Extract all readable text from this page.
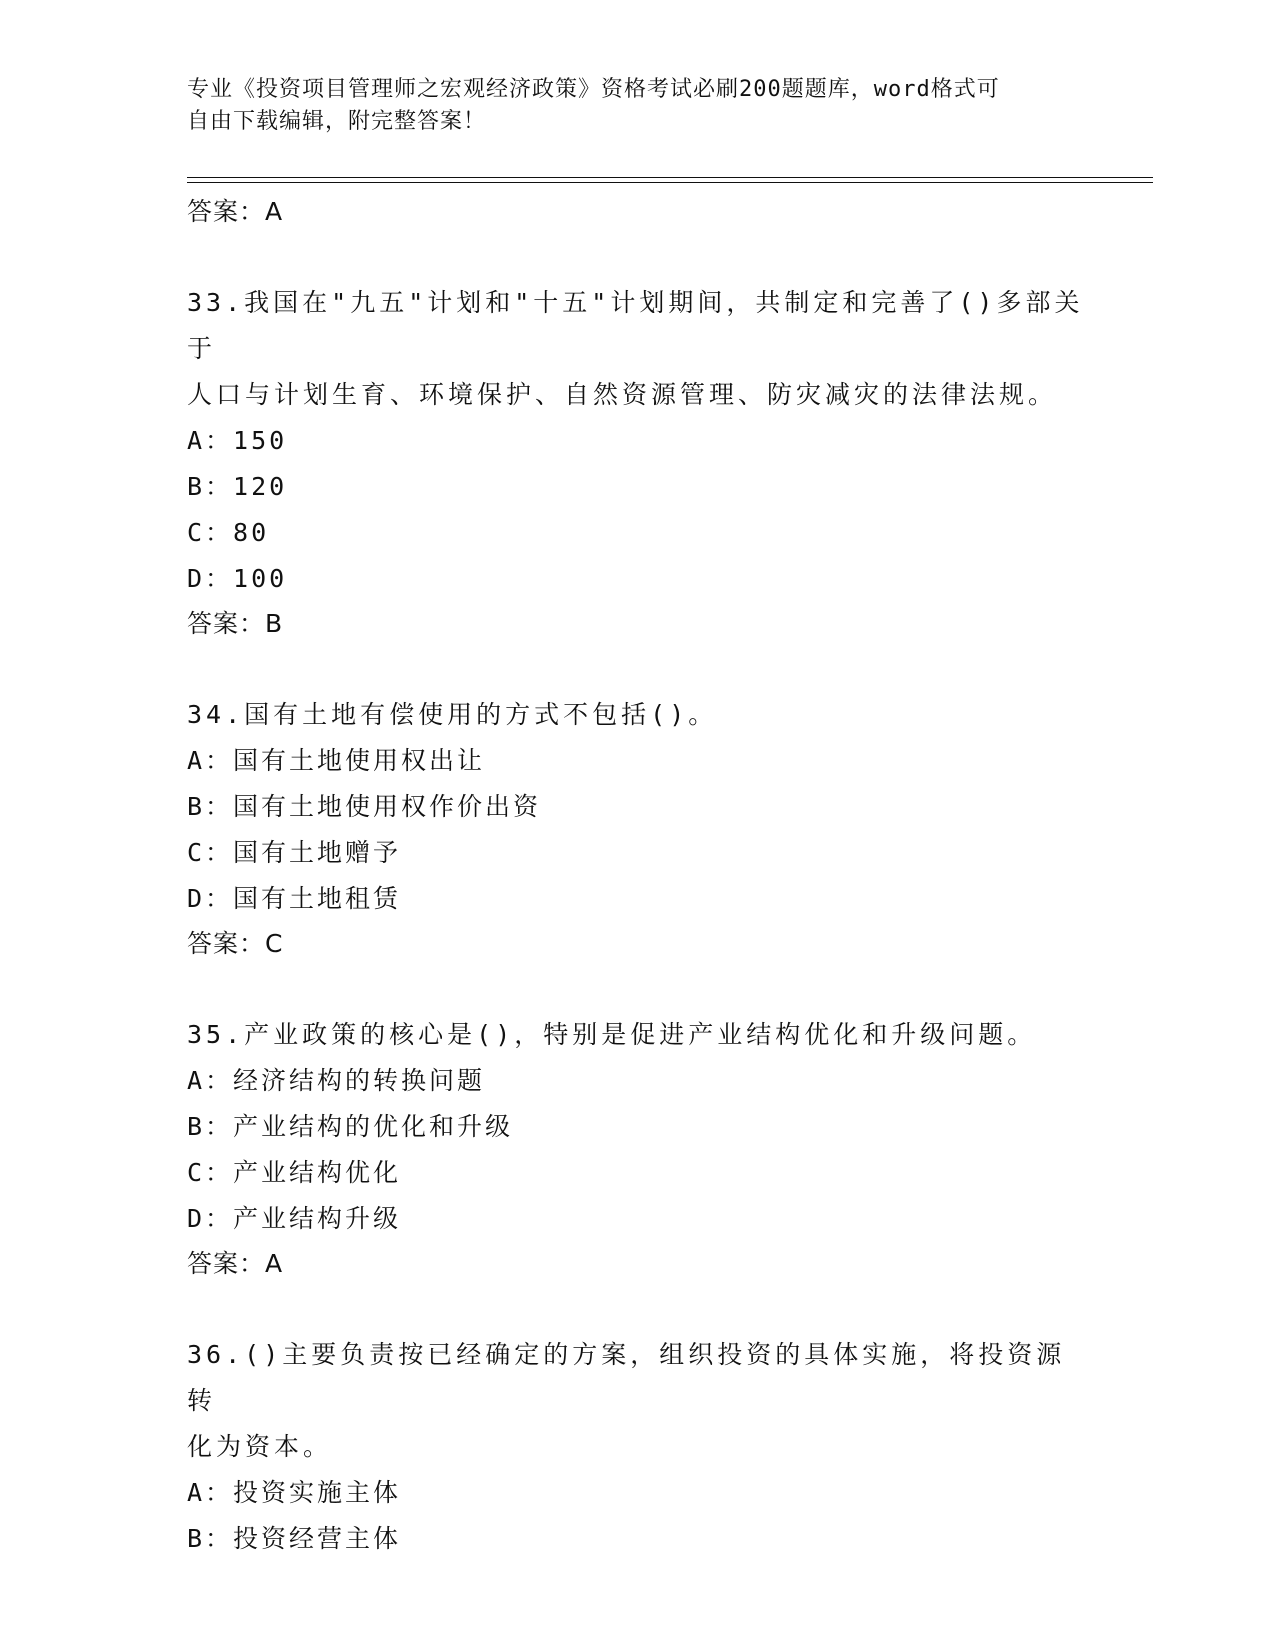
专业《投资项目管理师之宏观经济政策》资格考试必刷200题题库，word格式可
自由下载编辑，附完整答案！
答案：A
33.我国在"九五"计划和"十五"计划期间，共制定和完善了()多部关于
人口与计划生育、环境保护、自然资源管理、防灾减灾的法律法规。
A：150
B：120
C：80
D：100
答案：B
34.国有土地有偿使用的方式不包括()。
A：国有土地使用权出让
B：国有土地使用权作价出资
C：国有土地赠予
D：国有土地租赁
答案：C
35.产业政策的核心是()，特别是促进产业结构优化和升级问题。
A：经济结构的转换问题
B：产业结构的优化和升级
C：产业结构优化
D：产业结构升级
答案：A
36.()主要负责按已经确定的方案，组织投资的具体实施，将投资源转
化为资本。
A：投资实施主体
B：投资经营主体
